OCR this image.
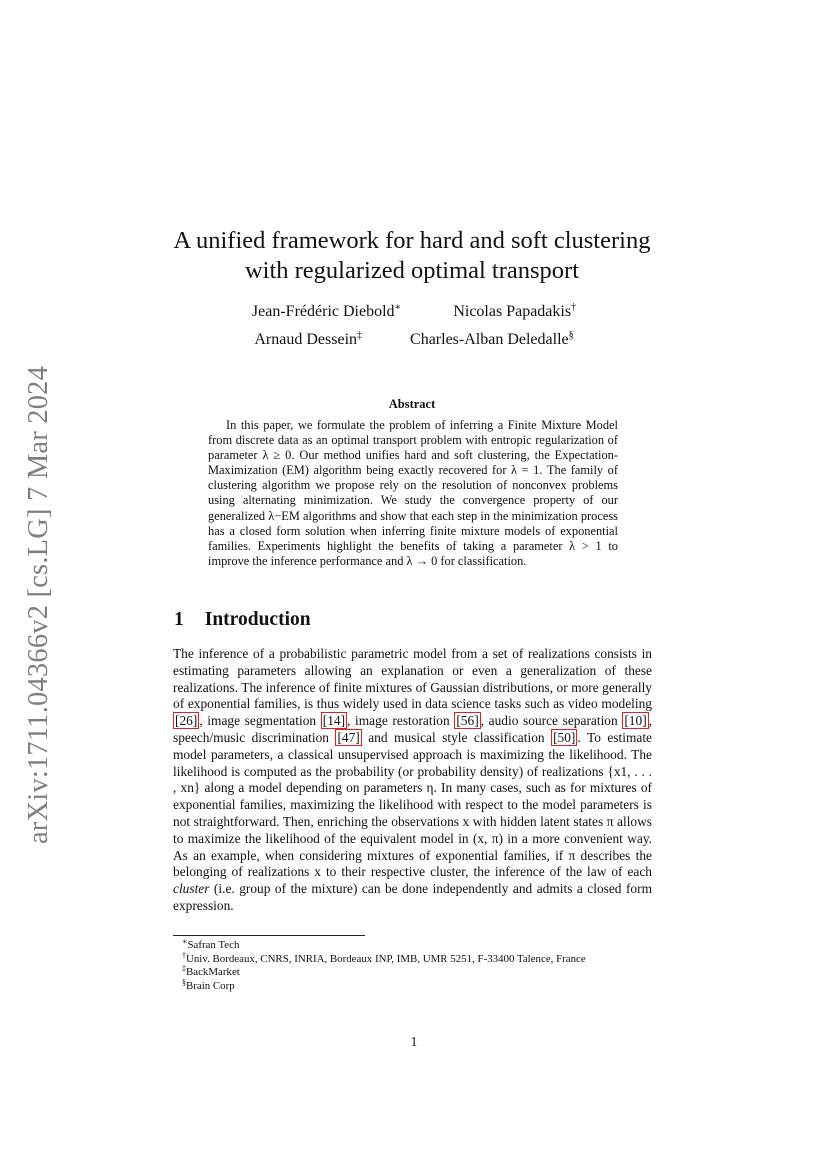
arXiv:1711.04366v2 [cs.LG] 7 Mar 2024
A unified framework for hard and soft clustering
with regularized optimal transport
Jean-Frédéric Diebold∗	Nicolas Papadakis†
Arnaud Dessein‡	Charles-Alban Deledalle§
Abstract

In this paper, we formulate the problem of inferring a Finite Mixture Model from discrete data as an optimal transport problem with entropic regularization of parameter λ ≥ 0. Our method unifies hard and soft clustering, the Expectation-Maximization (EM) algorithm being exactly recovered for λ = 1. The family of clustering algorithm we propose rely on the resolution of nonconvex problems using alternating minimization. We study the convergence property of our generalized λ−EM algorithms and show that each step in the minimization process has a closed form solution when inferring finite mixture models of exponential families. Experiments highlight the benefits of taking a parameter λ > 1 to improve the inference performance and λ → 0 for classification.

1 Introduction

The inference of a probabilistic parametric model from a set of realizations consists in estimating parameters allowing an explanation or even a generalization of these realizations. The inference of finite mixtures of Gaussian distributions, or more generally of exponential families, is thus widely used in data science tasks such as video modeling [26] , image segmentation [14] , image restoration [56] , audio source separation [10] , speech/music discrimination [47] and musical style classification [50] . To estimate model parameters, a classical unsupervised approach is maximizing the likelihood. The likelihood is computed as the probability (or probability density) of realizations {x1, . . . , xn} along a model depending on parameters η. In many cases, such as for mixtures of exponential families, maximizing the likelihood with respect to the model parameters is not straightforward. Then, enriching the observations x with hidden latent states π allows to maximize the likelihood of the equivalent model in (x, π) in a more convenient way. As an example, when considering mixtures of exponential families, if π describes the belonging of realizations x to their respective cluster, the inference of the law of each cluster (i.e. group of the mixture) can be done independently and admits a closed form expression.

∗Safran Tech
†Univ. Bordeaux, CNRS, INRIA, Bordeaux INP, IMB, UMR 5251, F-33400 Talence, France
‡BackMarket
§Brain Corp
1
